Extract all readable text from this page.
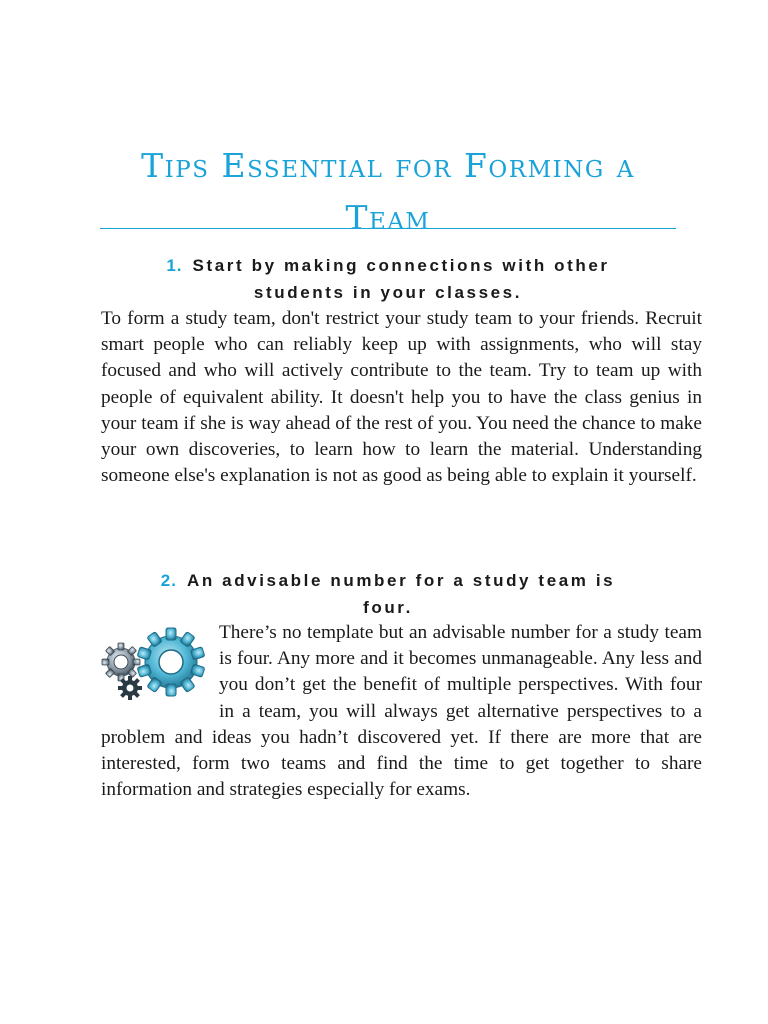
Tips Essential for Forming a
Team
1. Start by making connections with other
students in your classes.

To form a study team, don't restrict your study team to your friends. Recruit smart people who can reliably keep up with assignments, who will stay focused and who will actively contribute to the team. Try to team up with people of equivalent ability. It doesn't help you to have the class genius in your team if she is way ahead of the rest of you. You need the chance to make your own discoveries, to learn how to learn the material. Understanding someone else's explanation is not as good as being able to explain it yourself.

2. An advisable number for a study team is
four.
There’s no template but an advisable number for a study team is four. Any more and it becomes unmanageable. Any less and you don’t get the benefit of multiple perspectives. With four in a team, you will always get alternative perspectives to a problem and ideas you hadn’t discovered yet. If there are more that are interested, form two teams and find the time to get together to share information and strategies especially for exams.
